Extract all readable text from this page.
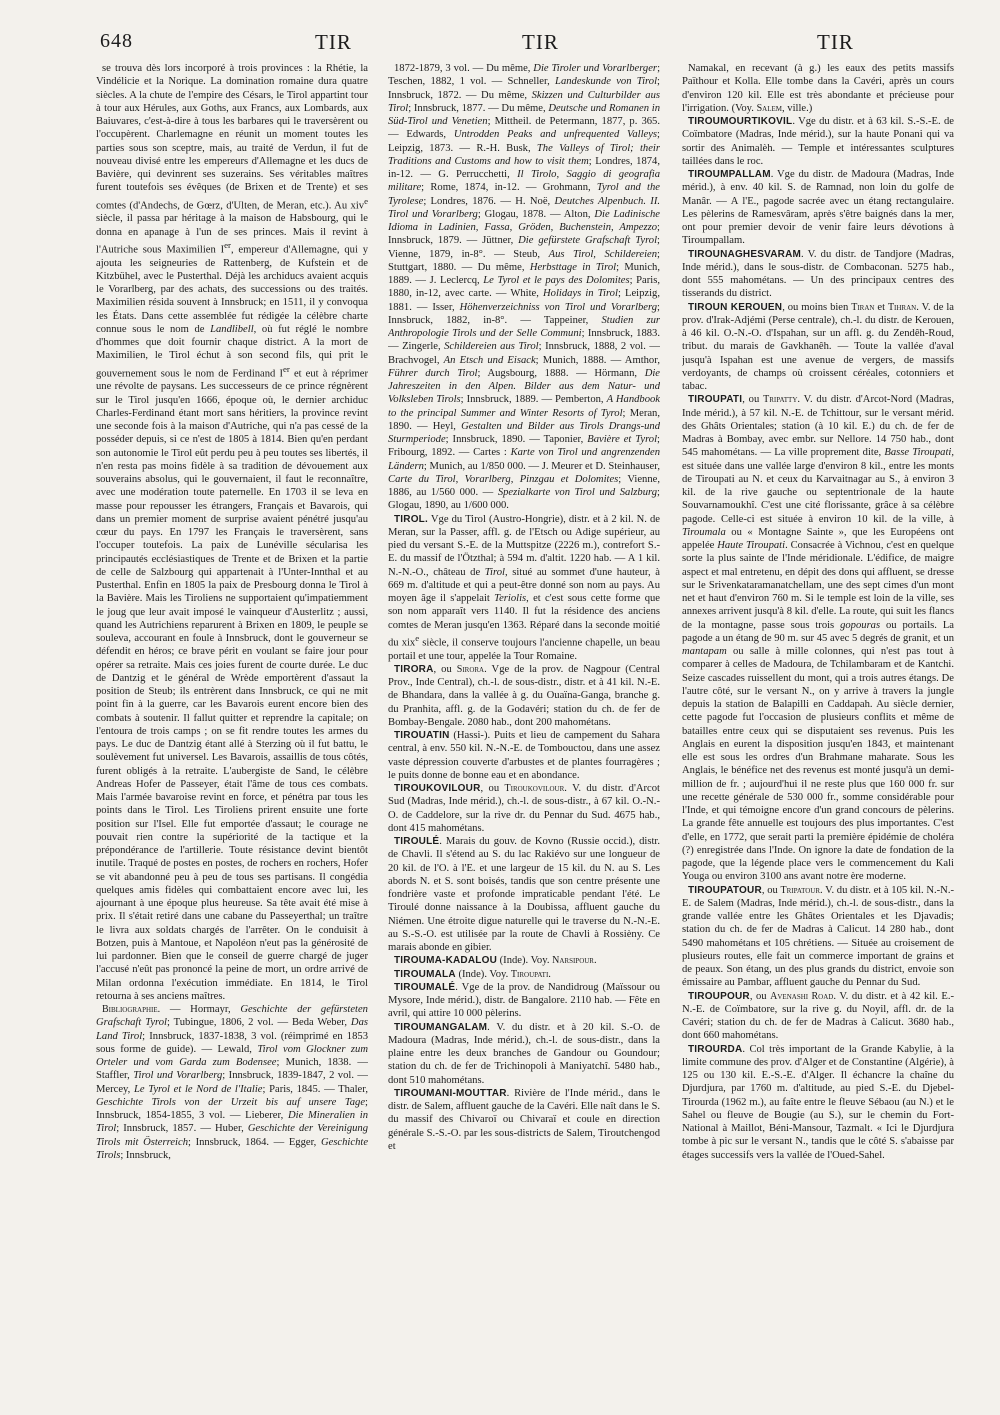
648	TIR	TIR	TIR

se trouva dès lors incorporé à trois provinces : la Rhétie, la Vindélicie et la Norique. La domination romaine dura quatre siècles. A la chute de l'empire des Césars, le Tirol appartint tour à tour aux Hérules, aux Goths, aux Francs, aux Lombards, aux Baiuvares, c'est-à-dire à tous les barbares qui le traversèrent ou l'occupèrent. Charlemagne en réunit un moment toutes les parties sous son sceptre, mais, au traité de Verdun, il fut de nouveau divisé entre les empereurs d'Allemagne et les ducs de Bavière, qui devinrent ses suzerains. Ses véritables maîtres furent toutefois ses évêques (de Brixen et de Trente) et ses comtes (d'Andechs, de Gœrz, d'Ulten, de Meran, etc.). Au xiv$^e$ siècle, il passa par héritage à la maison de Habsbourg, qui le donna en apanage à l'un de ses princes. Mais il revint à l'Autriche sous Maximilien Ier, empereur d'Allemagne, qui y ajouta les seigneuries de Rattenberg, de Kufstein et de Kitzbühel, avec le Pusterthal. Déjà les archiducs avaient acquis le Vorarlberg, par des achats, des successions ou des traités. Maximilien résida souvent à Innsbruck; en 1511, il y convoqua les États. Dans cette assemblée fut rédigée la célèbre charte connue sous le nom de Landlibell, où fut réglé le nombre d'hommes que doit fournir chaque district. A la mort de Maximilien, le Tirol échut à son second fils, qui prit le gouvernement sous le nom de Ferdinand Ier et eut à réprimer une révolte de paysans. Les successeurs de ce prince régnèrent sur le Tirol jusqu'en 1666, époque où, le dernier archiduc Charles-Ferdinand étant mort sans héritiers, la province revint une seconde fois à la maison d'Autriche, qui n'a pas cessé de la posséder depuis, si ce n'est de 1805 à 1814. Bien qu'en perdant son autonomie le Tirol eût perdu peu à peu toutes ses libertés, il n'en resta pas moins fidèle à sa tradition de dévouement aux souverains absolus, qui le gouvernaient, il faut le reconnaître, avec une modération toute paternelle. En 1703 il se leva en masse pour repousser les étrangers, Français et Bavarois, qui dans un premier moment de surprise avaient pénétré jusqu'au cœur du pays. En 1797 les Français le traversèrent, sans l'occuper toutefois. La paix de Lunéville sécularisa les principautés ecclésiastiques de Trente et de Brixen et la partie de celle de Salzbourg qui appartenait à l'Unter-Innthal et au Pusterthal. Enfin en 1805 la paix de Presbourg donna le Tirol à la Bavière. Mais les Tiroliens ne supportaient qu'impatiemment le joug que leur avait imposé le vainqueur d'Austerlitz ; aussi, quand les Autrichiens reparurent à Brixen en 1809, le peuple se souleva, accourant en foule à Innsbruck, dont le gouverneur se défendit en héros; ce brave périt en voulant se faire jour pour opérer sa retraite. Mais ces joies furent de courte durée. Le duc de Dantzig et le général de Wrède emportèrent d'assaut la position de Steub; ils entrèrent dans Innsbruck, ce qui ne mit point fin à la guerre, car les Bavarois eurent encore bien des combats à soutenir. Il fallut quitter et reprendre la capitale; on l'entoura de trois camps ; on se fit rendre toutes les armes du pays. Le duc de Dantzig étant allé à Sterzing où il fut battu, le soulèvement fut universel. Les Bavarois, assaillis de tous côtés, furent obligés à la retraite. L'aubergiste de Sand, le célèbre Andreas Hofer de Passeyer, était l'âme de tous ces combats. Mais l'armée bavaroise revint en force, et pénétra par tous les points dans le Tirol. Les Tiroliens prirent ensuite une forte position sur l'Isel. Elle fut emportée d'assaut; le courage ne pouvait rien contre la supériorité de la tactique et la prépondérance de l'artillerie. Toute résistance devint bientôt inutile. Traqué de postes en postes, de rochers en rochers, Hofer se vit abandonné peu à peu de tous ses partisans. Il congédia quelques amis fidèles qui combattaient encore avec lui, les ajournant à une époque plus heureuse. Sa tête avait été mise à prix. Il s'était retiré dans une cabane du Passeyerthal; un traître le livra aux soldats chargés de l'arrêter. On le conduisit à Botzen, puis à Mantoue, et Napoléon n'eut pas la générosité de lui pardonner. Bien que le conseil de guerre chargé de juger l'accusé n'eût pas prononcé la peine de mort, un ordre arrivé de Milan ordonna l'exécution immédiate. En 1814, le Tirol retourna à ses anciens maîtres.

Bibliographie. — Hormayr, Geschichte der gefürsteten Grafschaft Tyrol; Tubingue, 1806, 2 vol. — Beda Weber, Das Land Tirol; Innsbruck, 1837-1838, 3 vol. (réimprimé en 1853 sous forme de guide). — Lewald, Tirol vom Glockner zum Orteler und vom Garda zum Bodensee; Munich, 1838. — Staffler, Tirol und Vorarlberg; Innsbruck, 1839-1847, 2 vol. — Mercey, Le Tyrol et le Nord de l'Italie; Paris, 1845. — Thaler, Geschichte Tirols von der Urzeit bis auf unsere Tage; Innsbruck, 1854-1855, 3 vol. — Lieberer, Die Mineralien in Tirol; Innsbruck, 1857. — Huber, Geschichte der Vereinigung Tirols mit Österreich; Innsbruck, 1864. — Egger, Geschichte Tirols; Innsbruck,

1872-1879, 3 vol. — Du même, Die Tiroler und Vorarlberger; Teschen, 1882, 1 vol. — Schneller, Landeskunde von Tirol; Innsbruck, 1872. — Du même, Skizzen und Culturbilder aus Tirol; Innsbruck, 1877. — Du même, Deutsche und Romanen in Süd-Tirol und Venetien; Mittheil. de Petermann, 1877, p. 365. — Edwards, Untrodden Peaks and unfrequented Valleys; Leipzig, 1873. — R.-H. Busk, The Valleys of Tirol; their Traditions and Customs and how to visit them; Londres, 1874, in-12. — G. Perrucchetti, Il Tirolo, Saggio di geografia militare; Rome, 1874, in-12. — Grohmann, Tyrol and the Tyrolese; Londres, 1876. — H. Noë, Deutches Alpenbuch. II. Tirol und Vorarlberg; Glogau, 1878. — Alton, Die Ladinische Idioma in Ladinien, Fassa, Gröden, Buchenstein, Ampezzo; Innsbruck, 1879. — Jüttner, Die gefürstete Grafschaft Tyrol; Vienne, 1879, in-8°. — Steub, Aus Tirol, Schildereien; Stuttgart, 1880. — Du même, Herbsttage in Tirol; Munich, 1889. — J. Leclercq, Le Tyrol et le pays des Dolomites; Paris, 1880, in-12, avec carte. — White, Holidays in Tirol; Leipzig, 1881. — Isser, Höhenverzeichniss von Tirol und Vorarlberg; Innsbruck, 1882, in-8°. — Tappeiner, Studien zur Anthropologie Tirols und der Selle Communi; Innsbruck, 1883. — Zingerle, Schildereien aus Tirol; Innsbruck, 1888, 2 vol. — Brachvogel, An Etsch und Eisack; Munich, 1888. — Amthor, Führer durch Tirol; Augsbourg, 1888. — Hörmann, Die Jahreszeiten in den Alpen. Bilder aus dem Natur- und Volksleben Tirols; Innsbruck, 1889. — Pemberton, A Handbook to the principal Summer and Winter Resorts of Tyrol; Meran, 1890. — Heyl, Gestalten und Bilder aus Tirols Drangs-und Sturmperiode; Innsbruck, 1890. — Taponier, Bavière et Tyrol; Fribourg, 1892. — Cartes : Karte von Tirol und angrenzenden Ländern; Munich, au 1/850 000. — J. Meurer et D. Steinhauser, Carte du Tirol, Vorarlberg, Pinzgau et Dolomites; Vienne, 1886, au 1/560 000. — Spezialkarte von Tirol und Salzburg; Glogau, 1890, au 1/600 000.

TIROL. Vge du Tirol (Austro-Hongrie), distr. et à 2 kil. N. de Meran, sur la Passer, affl. g. de l'Etsch ou Adige supérieur, au pied du versant S.-E. de la Muttspitze (2226 m.), contrefort S.-E. du massif de l'Ötzthal; à 594 m. d'altit. 1220 hab. — A 1 kil. N.-N.-O., château de Tirol, situé au sommet d'une hauteur, à 669 m. d'altitude et qui a peut-être donné son nom au pays. Au moyen âge il s'appelait Teriolis, et c'est sous cette forme que son nom apparaît vers 1140. Il fut la résidence des anciens comtes de Meran jusqu'en 1363. Réparé dans la seconde moitié du xix$^e$ siècle, il conserve toujours l'ancienne chapelle, un beau portail et une tour, appelée la Tour Romaine.

TIRORA, ou Sirora. Vge de la prov. de Nagpour (Central Prov., Inde Central), ch.-l. de sous-distr., distr. et à 41 kil. N.-E. de Bhandara, dans la vallée à g. du Ouaïna-Ganga, branche g. du Pranhita, affl. g. de la Godavéri; station du ch. de fer de Bombay-Bengale. 2080 hab., dont 200 mahométans.

TIROUATIN (Hassi-). Puits et lieu de campement du Sahara central, à env. 550 kil. N.-N.-E. de Tombouctou, dans une assez vaste dépression couverte d'arbustes et de plantes fourragères ; le puits donne de bonne eau et en abondance.

TIROUKOVILOUR, ou Tiroukovilour. V. du distr. d'Arcot Sud (Madras, Inde mérid.), ch.-l. de sous-distr., à 67 kil. O.-N.-O. de Caddelore, sur la rive dr. du Pennar du Sud. 4675 hab., dont 415 mahométans.

TIROULÉ. Marais du gouv. de Kovno (Russie occid.), distr. de Chavli. Il s'étend au S. du lac Rakiévo sur une longueur de 20 kil. de l'O. à l'E. et une largeur de 15 kil. du N. au S. Les abords N. et S. sont boisés, tandis que son centre présente une fondrière vaste et profonde impraticable pendant l'été. Le Tiroulé donne naissance à la Doubissa, affluent gauche du Niémen. Une étroite digue naturelle qui le traverse du N.-N.-E. au S.-S.-O. est utilisée par la route de Chavli à Rossièny. Ce marais abonde en gibier.

TIROUMA-KADALOU (Inde). Voy. Narsipour.

TIROUMALA (Inde). Voy. Tiroupati.

TIROUMALÉ. Vge de la prov. de Nandidroug (Maïssour ou Mysore, Inde mérid.), distr. de Bangalore. 2110 hab. — Fête en avril, qui attire 10 000 pèlerins.

TIROUMANGALAM. V. du distr. et à 20 kil. S.-O. de Madoura (Madras, Inde mérid.), ch.-l. de sous-distr., dans la plaine entre les deux branches de Gandour ou Goundour; station du ch. de fer de Trichinopoli à Maniyatchî. 5480 hab., dont 510 mahométans.

TIROUMANI-MOUTTAR. Rivière de l'Inde mérid., dans le distr. de Salem, affluent gauche de la Cavéri. Elle naît dans le S. du massif des Chivaroï ou Chivaraï et coule en direction générale S.-S.-O. par les sous-districts de Salem, Tiroutchengod et

Namakal, en recevant (à g.) les eaux des petits massifs Païthour et Kolla. Elle tombe dans la Cavéri, après un cours d'environ 120 kil. Elle est très abondante et précieuse pour l'irrigation. (Voy. Salem, ville.)

TIROUMOURTIKOVIL. Vge du distr. et à 63 kil. S.-S.-E. de Coïmbatore (Madras, Inde mérid.), sur la haute Ponani qui va sortir des Animalèh. — Temple et intéressantes sculptures taillées dans le roc.

TIROUMPALLAM. Vge du distr. de Madoura (Madras, Inde mérid.), à env. 40 kil. S. de Ramnad, non loin du golfe de Manâr. — A l'E., pagode sacrée avec un étang rectangulaire. Les pèlerins de Ramesvâram, après s'être baignés dans la mer, ont pour premier devoir de venir faire leurs dévotions à Tiroumpallam.

TIROUNAGHESVARAM. V. du distr. de Tandjore (Madras, Inde mérid.), dans le sous-distr. de Combaconan. 5275 hab., dont 555 mahométans. — Un des principaux centres des tisserands du district.

TIROUN KEROUEN, ou moins bien Tiran et Tihran. V. de la prov. d'Irak-Adjémi (Perse centrale), ch.-l. du distr. de Kerouen, à 46 kil. O.-N.-O. d'Ispahan, sur un affl. g. du Zendêh-Roud, tribut. du marais de Gavkhanêh. — Toute la vallée d'aval jusqu'à Ispahan est une avenue de vergers, de massifs verdoyants, de champs où croissent céréales, cotonniers et tabac.

TIROUPATI, ou Tripatty. V. du distr. d'Arcot-Nord (Madras, Inde mérid.), à 57 kil. N.-E. de Tchittour, sur le versant mérid. des Ghâts Orientales; station (à 10 kil. E.) du ch. de fer de Madras à Bombay, avec embr. sur Nellore. 14 750 hab., dont 545 mahométans. — La ville proprement dite, Basse Tiroupati, est située dans une vallée large d'environ 8 kil., entre les monts de Tiroupati au N. et ceux du Karvaitnagar au S., à environ 3 kil. de la rive gauche ou septentrionale de la haute Souvarnamoukhî. C'est une cité florissante, grâce à sa célèbre pagode. Celle-ci est située à environ 10 kil. de la ville, à Tiroumala ou « Montagne Sainte », que les Européens ont appelée Haute Tiroupati. Consacrée à Vichnou, c'est en quelque sorte la plus sainte de l'Inde méridionale. L'édifice, de maigre aspect et mal entretenu, en dépit des dons qui affluent, se dresse sur le Srivenkataramanatchellam, une des sept cimes d'un mont net et haut d'environ 760 m. Si le temple est loin de la ville, ses annexes arrivent jusqu'à 8 kil. d'elle. La route, qui suit les flancs de la montagne, passe sous trois gopouras ou portails. La pagode a un étang de 90 m. sur 45 avec 5 degrés de granit, et un mantapam ou salle à mille colonnes, qui n'est pas tout à comparer à celles de Madoura, de Tchilambaram et de Kantchi. Seize cascades ruissellent du mont, qui a trois autres étangs. De l'autre côté, sur le versant N., on y arrive à travers la jungle depuis la station de Balapilli en Caddapah. Au siècle dernier, cette pagode fut l'occasion de plusieurs conflits et même de batailles entre ceux qui se disputaient ses revenus. Puis les Anglais en eurent la disposition jusqu'en 1843, et maintenant elle est sous les ordres d'un Brahmane maharate. Sous les Anglais, le bénéfice net des revenus est monté jusqu'à un demi-million de fr. ; aujourd'hui il ne reste plus que 160 000 fr. sur une recette générale de 530 000 fr., somme considérable pour l'Inde, et qui témoigne encore d'un grand concours de pèlerins. La grande fête annuelle est toujours des plus importantes. C'est d'elle, en 1772, que serait parti la première épidémie de choléra (?) enregistrée dans l'Inde. On ignore la date de fondation de la pagode, que la légende place vers le commencement du Kali Youga ou environ 3100 ans avant notre ère moderne.

TIROUPATOUR, ou Tripatour. V. du distr. et à 105 kil. N.-N.-E. de Salem (Madras, Inde mérid.), ch.-l. de sous-distr., dans la grande vallée entre les Ghâtes Orientales et les Djavadis; station du ch. de fer de Madras à Calicut. 14 280 hab., dont 5490 mahométans et 105 chrétiens. — Située au croisement de plusieurs routes, elle fait un commerce important de grains et de peaux. Son étang, un des plus grands du district, envoie son émissaire au Pambar, affluent gauche du Pennar du Sud.

TIROUPOUR, ou Avenashi Road. V. du distr. et à 42 kil. E.-N.-E. de Coïmbatore, sur la rive g. du Noyil, affl. dr. de la Cavéri; station du ch. de fer de Madras à Calicut. 3680 hab., dont 660 mahométans.

TIROURDA. Col très important de la Grande Kabylie, à la limite commune des prov. d'Alger et de Constantine (Algérie), à 125 ou 130 kil. E.-S.-E. d'Alger. Il échancre la chaîne du Djurdjura, par 1760 m. d'altitude, au pied S.-E. du Djebel-Tirourda (1962 m.), au faîte entre le fleuve Sébaou (au N.) et le Sahel ou fleuve de Bougie (au S.), sur le chemin du Fort-National à Maillot, Béni-Mansour, Tazmalt. « Ici le Djurdjura tombe à pic sur le versant N., tandis que le côté S. s'abaisse par étages successifs vers la vallée de l'Oued-Sahel.
